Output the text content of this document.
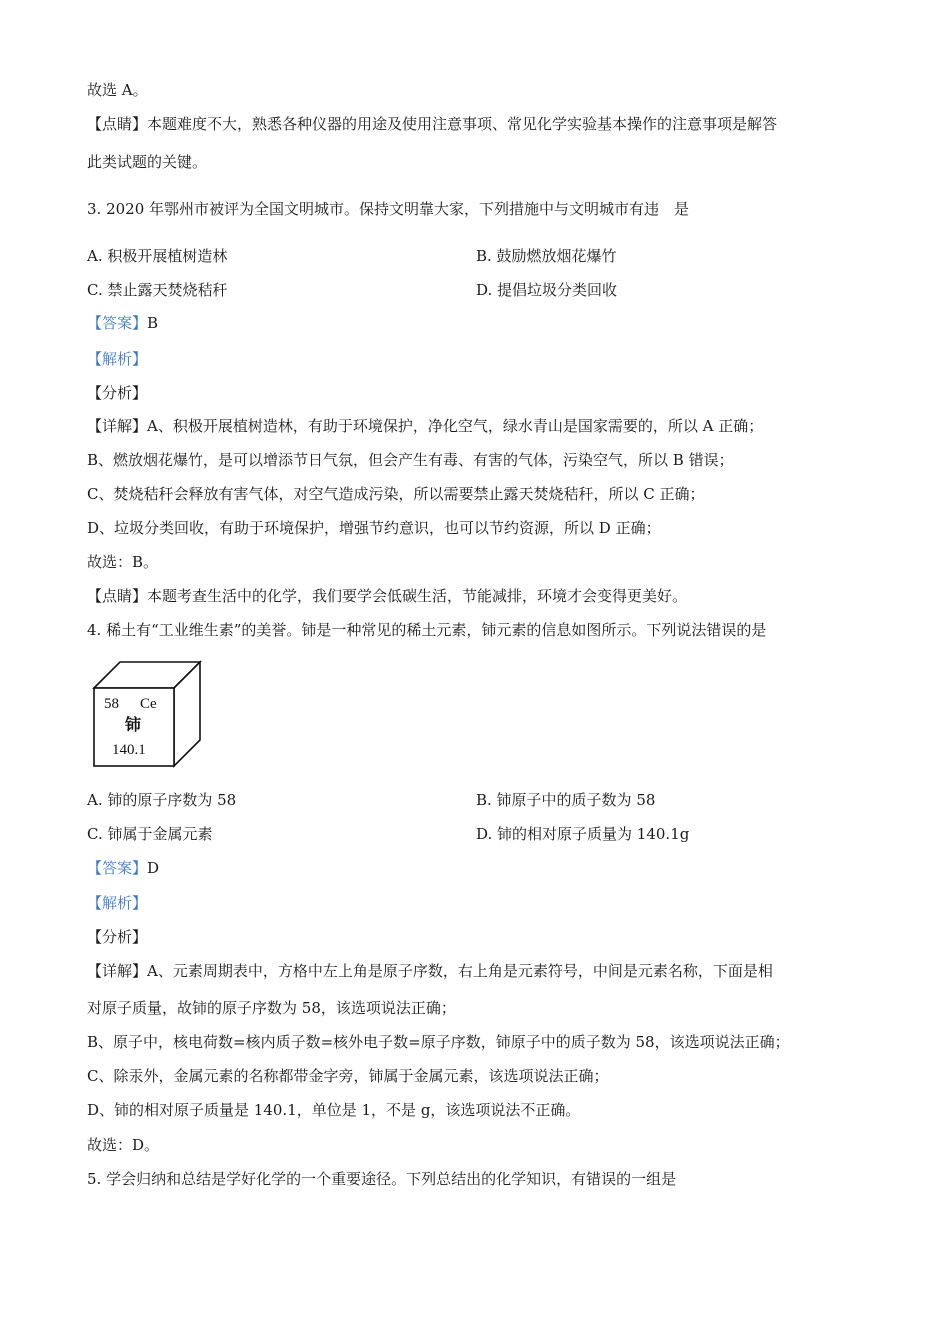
故选 A。
【点睛】本题难度不大，熟悉各种仪器的用途及使用注意事项、常见化学实验基本操作的注意事项是解答
此类试题的关键。
3. 2020 年鄂州市被评为全国文明城市。保持文明靠大家，下列措施中与文明城市有违　是
A. 积极开展植树造林	B. 鼓励燃放烟花爆竹
C. 禁止露天焚烧秸秆	D. 提倡垃圾分类回收
【答案】B
【解析】
【分析】
【详解】A、积极开展植树造林，有助于环境保护，净化空气，绿水青山是国家需要的，所以 A 正确；
B、燃放烟花爆竹，是可以增添节日气氛，但会产生有毒、有害的气体，污染空气，所以 B 错误；
C、焚烧秸秆会释放有害气体，对空气造成污染，所以需要禁止露天焚烧秸秆，所以 C 正确；
D、垃圾分类回收，有助于环境保护，增强节约意识，也可以节约资源，所以 D 正确；
故选：B。
【点睛】本题考查生活中的化学，我们要学会低碳生活，节能减排，环境才会变得更美好。
4. 稀土有“工业维生素”的美誉。铈是一种常见的稀土元素，铈元素的信息如图所示。下列说法错误的是
58 Ce
铈
140.1
A. 铈的原子序数为 58	B. 铈原子中的质子数为 58
C. 铈属于金属元素	D. 铈的相对原子质量为 140.1g
【答案】D
【解析】
【分析】
【详解】A、元素周期表中，方格中左上角是原子序数，右上角是元素符号，中间是元素名称，下面是相
对原子质量，故铈的原子序数为 58，该选项说法正确；
B、原子中，核电荷数=核内质子数=核外电子数=原子序数，铈原子中的质子数为 58，该选项说法正确；
C、除汞外，金属元素的名称都带金字旁，铈属于金属元素，该选项说法正确；
D、铈的相对原子质量是 140.1，单位是 1，不是 g，该选项说法不正确。
故选：D。
5. 学会归纳和总结是学好化学的一个重要途径。下列总结出的化学知识，有错误的一组是
